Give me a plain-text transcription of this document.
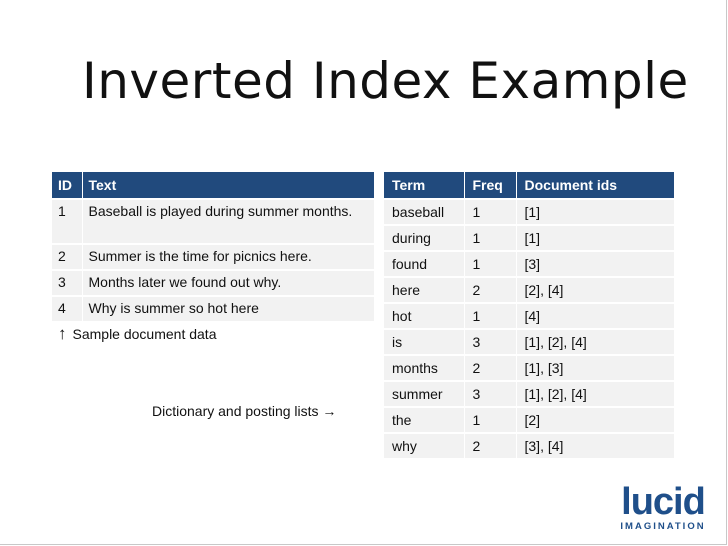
Inverted Index Example
ID	Text
1	Baseball is played during summer months.

2	Summer is the time for picnics here.
3	Months later we found out why.
4	Why is summer so hot here
↑ Sample document data
Dictionary and posting lists →
Term	Freq	Document ids
baseball	1	[1]
during	1	[1]
found	1	[3]
here	2	[2], [4]
hot	1	[4]
is	3	[1], [2], [4]
months	2	[1], [3]
summer	3	[1], [2], [4]
the	1	[2]
why	2	[3], [4]
lucid
IMAGINATION
